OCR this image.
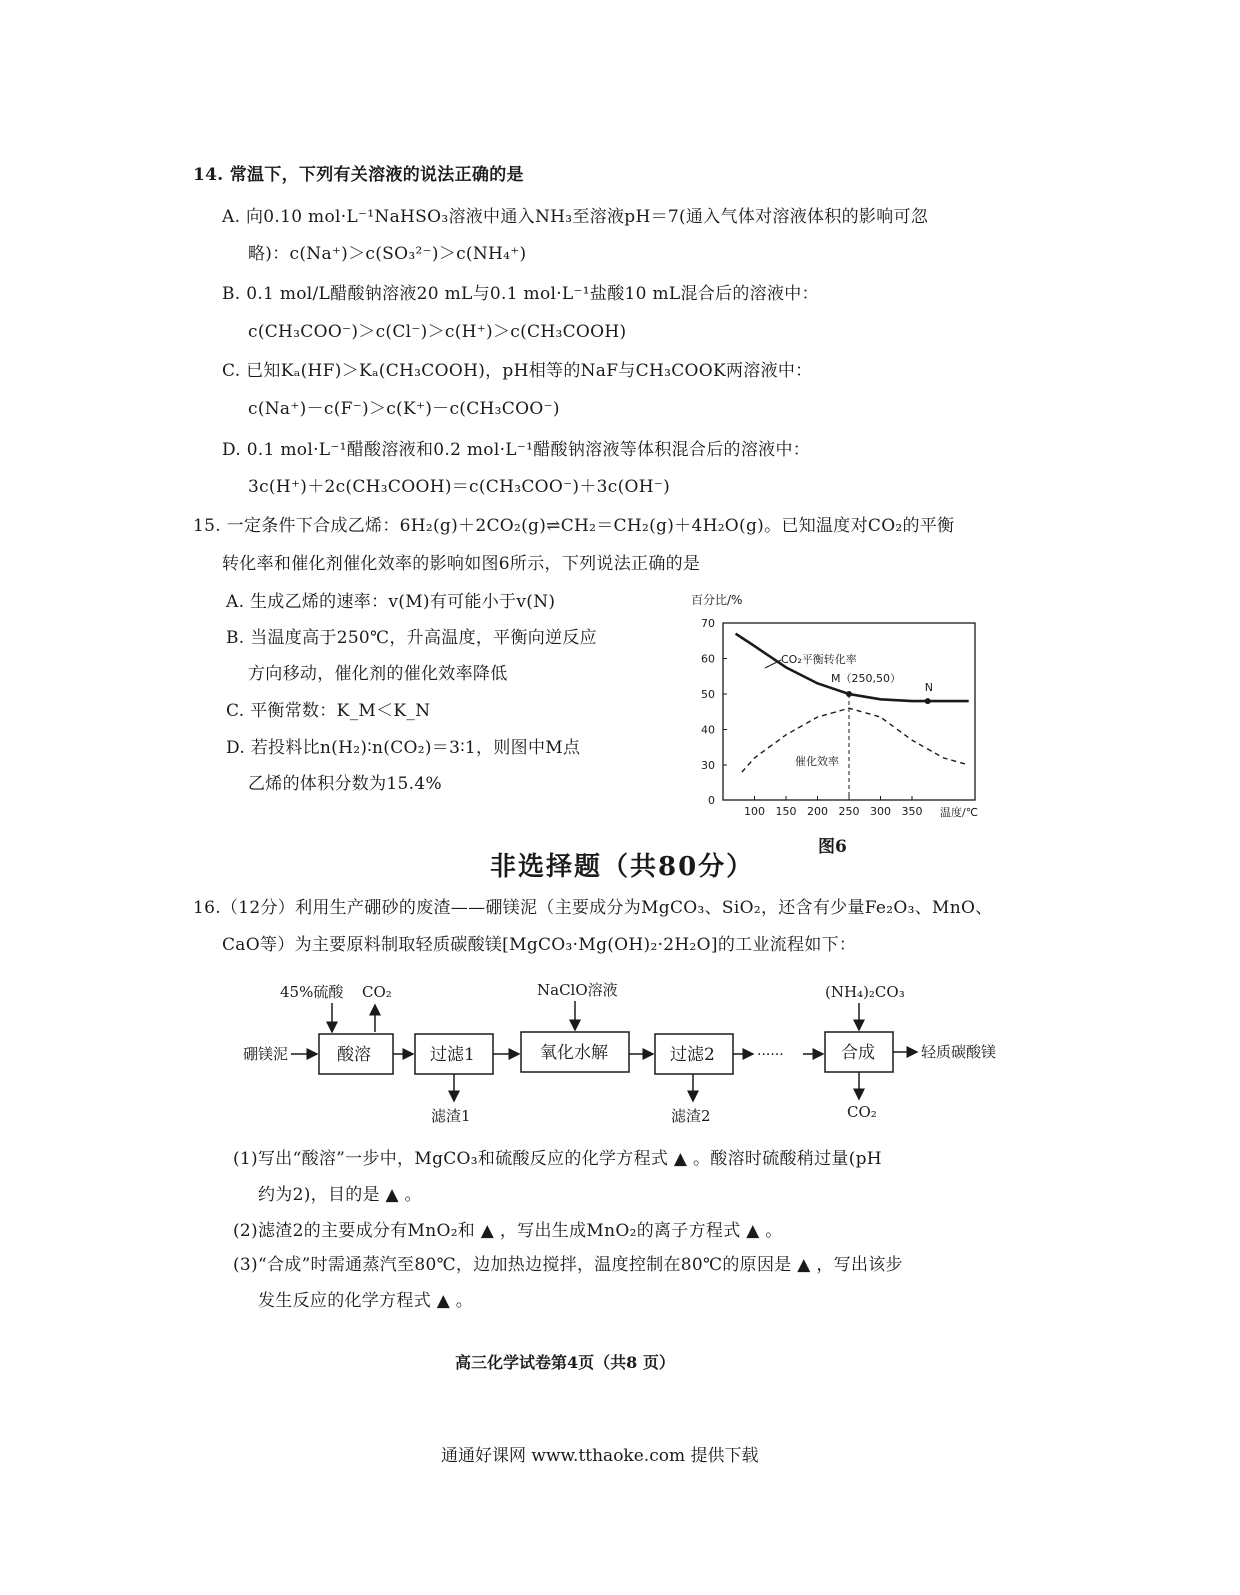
14. 常温下，下列有关溶液的说法正确的是
A. 向0.10 mol·L⁻¹NaHSO₃溶液中通入NH₃至溶液pH＝7(通入气体对溶液体积的影响可忽
略)：c(Na⁺)＞c(SO₃²⁻)＞c(NH₄⁺)
B. 0.1 mol/L醋酸钠溶液20 mL与0.1 mol·L⁻¹盐酸10 mL混合后的溶液中：
c(CH₃COO⁻)＞c(Cl⁻)＞c(H⁺)＞c(CH₃COOH)
C. 已知Kₐ(HF)＞Kₐ(CH₃COOH)，pH相等的NaF与CH₃COOK两溶液中：
c(Na⁺)－c(F⁻)＞c(K⁺)－c(CH₃COO⁻)
D. 0.1 mol·L⁻¹醋酸溶液和0.2 mol·L⁻¹醋酸钠溶液等体积混合后的溶液中：
3c(H⁺)＋2c(CH₃COOH)＝c(CH₃COO⁻)＋3c(OH⁻)
15. 一定条件下合成乙烯：6H₂(g)＋2CO₂(g)⇌CH₂＝CH₂(g)＋4H₂O(g)。已知温度对CO₂的平衡
转化率和催化剂催化效率的影响如图6所示，下列说法正确的是
A. 生成乙烯的速率：v(M)有可能小于v(N)
B. 当温度高于250℃，升高温度，平衡向逆反应
方向移动，催化剂的催化效率降低
C. 平衡常数：K_M＜K_N
D. 若投料比n(H₂)∶n(CO₂)＝3∶1，则图中M点
乙烯的体积分数为15.4%
百分比/%
温度/℃
0
30
40
50
60
70
100 150 200 250 300 350
CO₂平衡转化率
催化效率
M（250,50）
N
图6
非选择题（共80分）
16.（12分）利用生产硼砂的废渣——硼镁泥（主要成分为MgCO₃、SiO₂，还含有少量Fe₂O₃、MnO、
CaO等）为主要原料制取轻质碳酸镁[MgCO₃·Mg(OH)₂·2H₂O]的工业流程如下：
硼镁泥	酸溶
45%硫酸 CO₂
过滤1
滤渣1
氧化水解
NaClO溶液
过滤2
滤渣2
······	合成
(NH₄)₂CO₃
CO₂
轻质碳酸镁
(1)写出“酸溶”一步中，MgCO₃和硫酸反应的化学方程式 ▲ 。酸溶时硫酸稍过量(pH
约为2)，目的是 ▲ 。
(2)滤渣2的主要成分有MnO₂和 ▲ ，写出生成MnO₂的离子方程式 ▲ 。
(3)“合成”时需通蒸汽至80℃，边加热边搅拌，温度控制在80℃的原因是 ▲ ，写出该步
发生反应的化学方程式 ▲ 。
高三化学试卷第4页（共8 页）
通通好课网 www.tthaoke.com 提供下载
